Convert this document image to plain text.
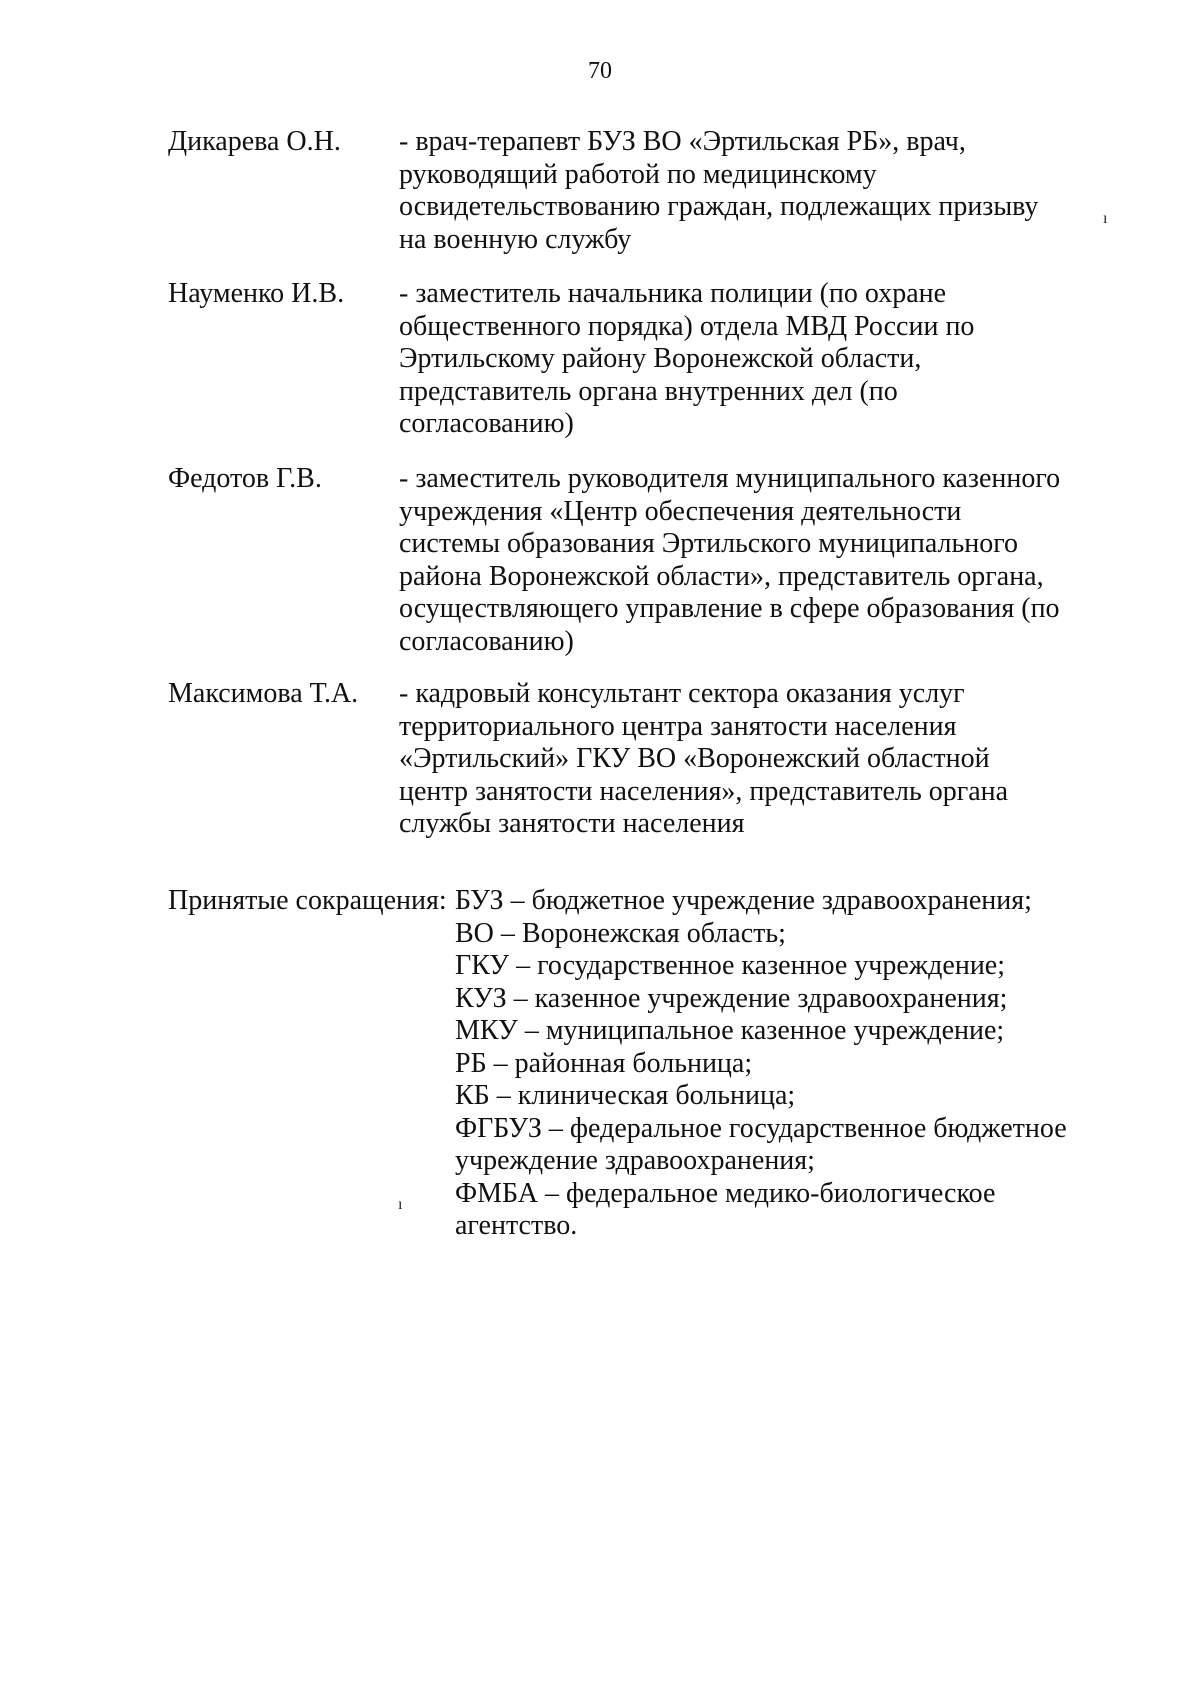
70
Дикарева О.Н. - врач-терапевт БУЗ ВО «Эртильская РБ», врач,
руководящий работой по медицинскому
освидетельствованию граждан, подлежащих призыву
на военную службу
Науменко И.В. - заместитель начальника полиции (по охране
общественного порядка) отдела МВД России по
Эртильскому району Воронежской области,
представитель органа внутренних дел (по
согласованию)
Федотов Г.В.	- заместитель руководителя муниципального казенного
учреждения «Центр обеспечения деятельности
системы образования Эртильского муниципального
района Воронежской области», представитель органа,
осуществляющего управление в сфере образования (по
согласованию)
Максимова Т.А. - кадровый консультант сектора оказания услуг
территориального центра занятости населения
«Эртильский» ГКУ ВО «Воронежский областной
центр занятости населения», представитель органа
службы занятости населения
Принятые сокращения: БУЗ – бюджетное учреждение здравоохранения;
ВО – Воронежская область;
ГКУ – государственное казенное учреждение;
КУЗ – казенное учреждение здравоохранения;
МКУ – муниципальное казенное учреждение;
РБ – районная больница;
КБ – клиническая больница;
ФГБУЗ – федеральное государственное бюджетное
учреждение здравоохранения;
ФМБА – федеральное медико-биологическое
агентство.
ı
ı
